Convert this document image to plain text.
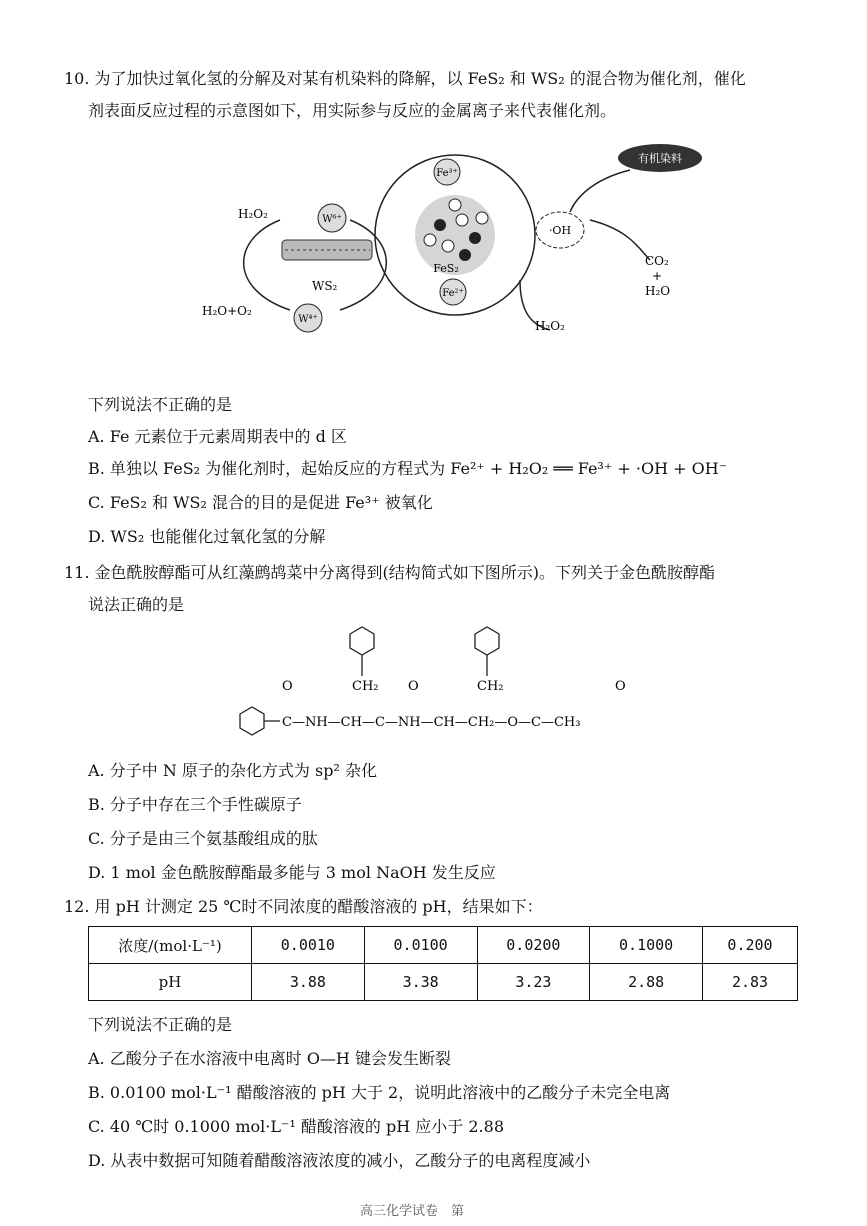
10. 为了加快过氧化氢的分解及对某有机染料的降解，以 FeS₂ 和 WS₂ 的混合物为催化剂，催化
剂表面反应过程的示意图如下，用实际参与反应的金属离子来代表催化剂。
W⁶⁺
W⁴⁺
H₂O₂
H₂O+O₂
WS₂
Fe³⁺
Fe²⁺
FeS₂
·OH
H₂O₂
有机染料
CO₂
+
H₂O
下列说法不正确的是
A. Fe 元素位于元素周期表中的 d 区
B. 单独以 FeS₂ 为催化剂时，起始反应的方程式为 Fe²⁺ + H₂O₂ ══ Fe³⁺ + ·OH + OH⁻
C. FeS₂ 和 WS₂ 混合的目的是促进 Fe³⁺ 被氧化
D. WS₂ 也能催化过氧化氢的分解
11. 金色酰胺醇酯可从红藻鹧鸪菜中分离得到(结构简式如下图所示)。下列关于金色酰胺醇酯
说法正确的是
CH₂	CH₂
O	O	O
C—NH—CH—C—NH—CH—CH₂—O—C—CH₃
A. 分子中 N 原子的杂化方式为 sp² 杂化
B. 分子中存在三个手性碳原子
C. 分子是由三个氨基酸组成的肽
D. 1 mol 金色酰胺醇酯最多能与 3 mol NaOH 发生反应
12. 用 pH 计测定 25 ℃时不同浓度的醋酸溶液的 pH，结果如下：
浓度/(mol·L⁻¹)	0.0010	0.0100	0.0200	0.1000	0.200
pH	3.88	3.38	3.23	2.88	2.83
下列说法不正确的是
A. 乙酸分子在水溶液中电离时 O—H 键会发生断裂
B. 0.0100 mol·L⁻¹ 醋酸溶液的 pH 大于 2，说明此溶液中的乙酸分子未完全电离
C. 40 ℃时 0.1000 mol·L⁻¹ 醋酸溶液的 pH 应小于 2.88
D. 从表中数据可知随着醋酸溶液浓度的减小，乙酸分子的电离程度减小
高三化学试卷　第
